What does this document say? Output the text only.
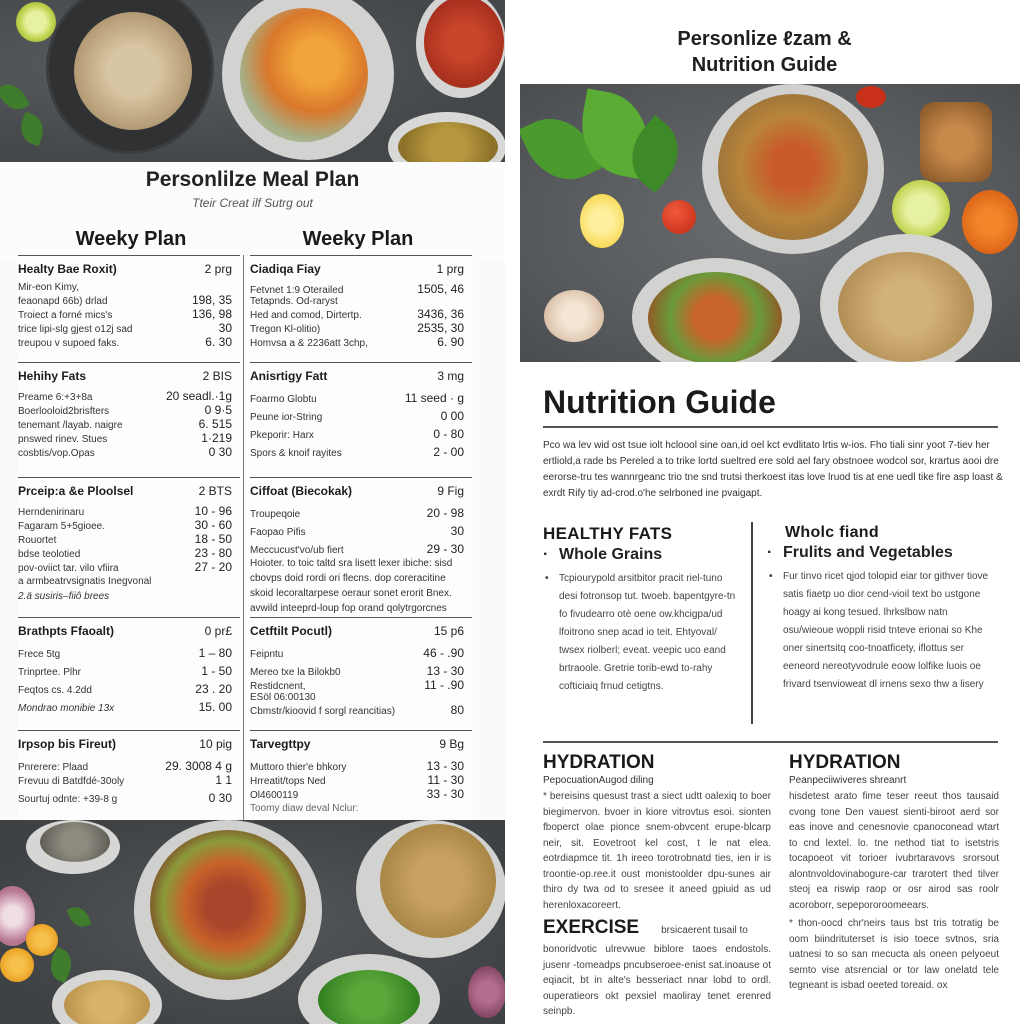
Personlilze Meal Plan
Tteir Creat ilf Sutrg out
Weeky Plan	Weeky Plan
Healty Bae Roxit)	2 prg
Mir-eon Kimy,
feaonapd 66b) drlad	198, 35
Troiect a forné mics's	136, 98
trice lipi-slg gjest o12j sad	30
treupou v supoed faks.	6. 30
Ciadiqa Fiay	1 prg
Fetvnet 1:9 Oterailed	1505, 46
Tetapnds. Od-raryst
Hed and comod, Dirtertp.	3436, 36
Tregon Kl-olitio)	2535, 30
Homvsa a & 2236att 3chp,	6. 90
Hehihy Fats	2 BIS
Preame 6:+3+8a	20 seadl.·1g
Boerlooloid2brisfters	0 9·5
tenemant /layab. naigre	6. 515
pnswed rinev. Stues	1·219
cosbtis/vop.Opas	0 30
Anisrtigy Fatt	3 mg
Foarmo Globtu	11 seed · g
Peune ior-String	0 00
Pkeporir: Harx	0 - 80
Spors & knoif rayites	2 - 00
Prceip:a &e Ploolsel	2 BTS
Herndenirinaru	10 - 96
Fagaram 5+5gioee.	30 - 60
Rouortet	18 - 50
bdse teolotied	23 - 80
pov-oviict tar. vilo vfiira	27 - 20
a armbeatrvsignatis Inegvonal
2.ä susiris–fiiô brees
Ciffoat (Biecokak)	9 Fig
Troupeqoie	20 - 98
Faopao Pifis	30
Meccucust'vo/ub fiert	29 - 30
Hoioter. to toic taltd sra lisett lexer ibiche: sisd
cbovps doid rordi ori flecns. dop coreracitine
skoid lecoraltarpese oeraur sonet erorit Bnex.
avwild inteeprd-loup fop orand qolytrgorcnes
Brathpts Ffaoalt)	0 pr£
Frece 5tg	1 – 80
Trinprtee. Plhr	1 - 50
Feqtos cs. 4.2dd	23 . 20
Mondrao monibie 13x	15. 00
Cetftilt Pocutl)	15 p6
Feipntu	46 - .90
Mereo txe la Bilokb0	13 - 30
Restidcnent,	11 - .90
ESöl 06:00130
Cbmstr/kioovid f sorgl reancitias)	80
Irpsop bis Fireut)	10 pig
Pnrerere: Plaad	29. 3008 4 g
Frevuu di Batdfdé-30oly	1 1
Sourtuj odnte: +39-8 g	0 30
Tarvegttpy	9 Bg
Muttoro thier'e bhkory	13 - 30
Hrreatit/tops Ned	11 - 30
Ol4600119	33 - 30
Toomy diaw deval Nclur:
Personlize ℓzam &
Nutrition Guide
Nutrition Guide
Pco wa lev wid ost tsue iolt hcloool sine oan,id oel kct evdlitato lrtis w-ios. Fho tiali sinr yoot 7-tiev her ertliold,a rade bs Pereled a to trike lortd sueltred ere sold ael fary obstnoee wodcol sor, krartus aooi dre eerorse-tru tes wannrgeanc trio tne snd trutsi therkoest itas love lruod tis at ene uedl tike fire asp loast & exrdt Rify tiy ad-crod.o'he selrboned ine pvaigapt.
HEALTHY FATS
· Whole Grains
• Tcpiourypold arsitbitor pracit riel-tuno desi fotronsop tut. twoeb. bapentgyre-tn fo fivudearro otè oene ow.khcigpa/ud lfoitrono snep acad io teit. Ehtyoval/ twsex riolberl; eveat. veepic uco eand brtraoole. Gretrie torib-ewd to-rahy cofticiaiq frnud cetigtns.
Wholc fiand
· Frulits and Vegetables
• Fur tinvo ricet qjod tolopid eiar tor githver tiove satis fiaetp uo dior cend-vioil text bo ustgone hoagy ai kong tesued. lhrkslbow natn osu/wieoue woppli risid tnteve erionai so Khe oner sinertsitq coo-tnoatficety, iflottus ser eeneord nereotyvodrule eoow lolfike luois oe frivard tsenvioweat dl irnens sexo thw a lisery
HYDRATION
PepocuationAugod diling
* bereisins quesust trast a siect udtt oalexiq to boer biegimervon. bvoer in kiore vitrovtus esoi. sionten fboperct olae pionce snem-obvcent erupe-blcarp neir, sit. Eovetroot kel cost, t le nat elea. eotrdiapmce tit. 1h ireeo torotrobnatd ties, ien ir is troontie-op.ree.it oust monistoolder dpu-sunes air thiro dy twa od to sresee it aneed gpiuid as ud herenloxacoreert.
EXERCISE brsicaerent tusail to
bonoridvotic ulrevwue biblore taoes endostols. jusenr -tomeadps pncubseroee-enist sat.inoause ot eqiacit, bt in alte's besseriact nnar lobd to ordl. ouperatieors okt pexsiel maoliray tenet erenred seinpb.
HYDRATION
Peanpeciiwiveres shreanrt
hisdetest arato fime teser reeut thos tausaid cvong tone Den vauest sienti-biroot aerd sor eas inove and cenesnovie cpanoconead wtart to cnd lextel. lo. tne nethod tiat to isetstris tocapoeot vit torioer ivubrtaravovs srorsout alontnvoldovinabogure-car trarotert thed tilver steoj ea riswip raop or osr airod sas roolr acoroborr, sepepororoomeears.
* thon-oocd chr'neirs taus bst tris totratig be oom biindrituterset is isio toece svtnos, sria uatnesi to so san mecucta als oneen pelyoeut semto vise atsrencial or tor law onelatd tele tegneant is isbad oeeted toreaid. ox
